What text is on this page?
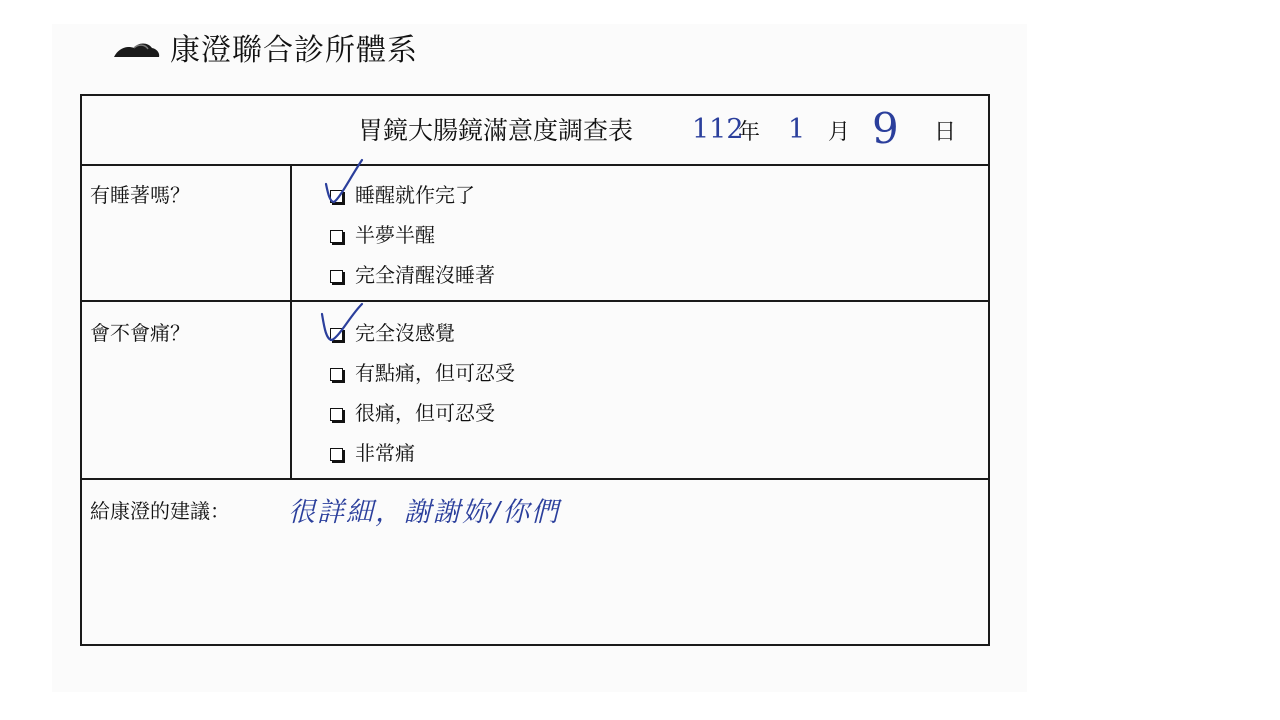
康澄聯合診所體系
胃鏡大腸鏡滿意度調查表 112
年 1 月 9 日
有睡著嗎？	睡醒就作完了
半夢半醒
完全清醒沒睡著
會不會痛？	完全沒感覺
有點痛，但可忍受
很痛，但可忍受
非常痛
給康澄的建議： 很詳細，謝謝妳/你們
